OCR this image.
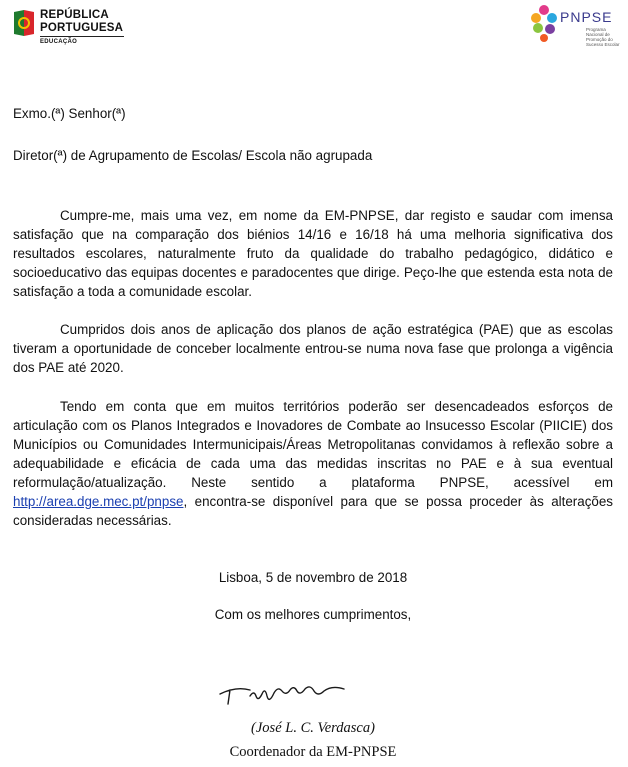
REPÚBLICA
PORTUGUESA
EDUCAÇÃO
PNPSE
Programa Nacional de Promoção do Sucesso Escolar
Exmo.(ª) Senhor(ª)
Diretor(ª) de Agrupamento de Escolas/ Escola não agrupada
Cumpre-me, mais uma vez, em nome da EM-PNPSE, dar registo e saudar com imensa satisfação que na comparação dos biénios 14/16 e 16/18 há uma melhoria significativa dos resultados escolares, naturalmente fruto da qualidade do trabalho pedagógico, didático e socioeducativo das equipas docentes e paradocentes que dirige. Peço-lhe que estenda esta nota de satisfação a toda a comunidade escolar.
Cumpridos dois anos de aplicação dos planos de ação estratégica (PAE) que as escolas tiveram a oportunidade de conceber localmente entrou-se numa nova fase que prolonga a vigência dos PAE até 2020.
Tendo em conta que em muitos territórios poderão ser desencadeados esforços de articulação com os Planos Integrados e Inovadores de Combate ao Insucesso Escolar (PIICIE) dos Municípios ou Comunidades Intermunicipais/Áreas Metropolitanas convidamos à reflexão sobre a adequabilidade e eficácia de cada uma das medidas inscritas no PAE e à sua eventual reformulação/atualização. Neste sentido a plataforma PNPSE, acessível em http://area.dge.mec.pt/pnpse, encontra-se disponível para que se possa proceder às alterações consideradas necessárias.
Lisboa, 5 de novembro de 2018
Com os melhores cumprimentos,
(José L. C. Verdasca)
Coordenador da EM-PNPSE
